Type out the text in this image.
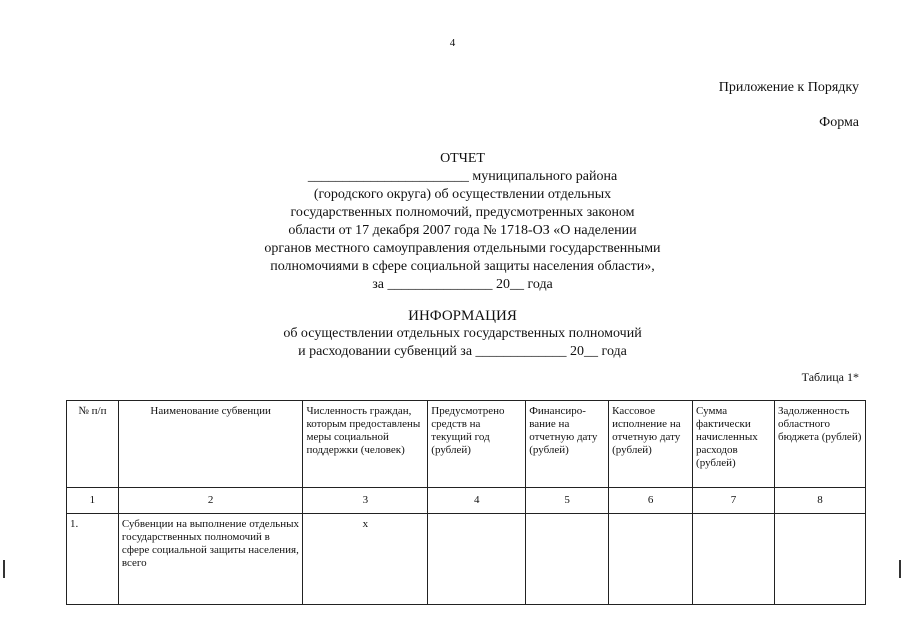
4
Приложение к Порядку
Форма
ОТЧЕТ
_______________________ муниципального района
(городского округа) об осуществлении отдельных
государственных полномочий, предусмотренных законом
области от 17 декабря 2007 года № 1718-ОЗ «О наделении
органов местного самоуправления отдельными государственными
полномочиями в сфере социальной защиты населения области»,
за _______________ 20__ года
ИНФОРМАЦИЯ
об осуществлении отдельных государственных полномочий
и расходовании субвенций за _____________ 20__ года
Таблица 1*
№ п/п	Наименование субвенции	Численность граждан, которым предоставлены меры социальной поддержки (человек)	Предусмотрено средств на текущий год (рублей)	Финансиро-вание на отчетную дату (рублей)	Кассовое исполнение на отчетную дату (рублей)	Сумма фактически начисленных расходов (рублей)	Задолженность областного бюджета (рублей)
1	2	3	4	5	6	7	8
1.	Субвенции на выполнение отдельных государственных полномочий в сфере социальной защиты населения, всего	х					
